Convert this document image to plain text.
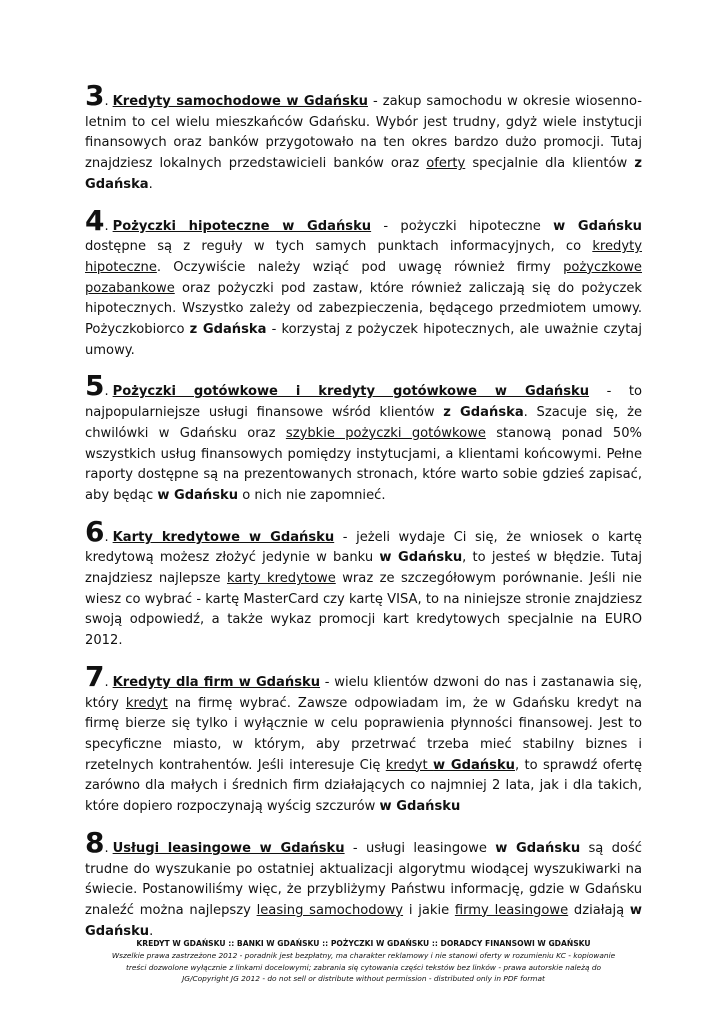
3. Kredyty samochodowe w Gdańsku - zakup samochodu w okresie wiosenno-letnim to cel wielu mieszkańców Gdańsku. Wybór jest trudny, gdyż wiele instytucji finansowych oraz banków przygotowało na ten okres bardzo dużo promocji. Tutaj znajdziesz lokalnych przedstawicieli banków oraz oferty specjalnie dla klientów z Gdańska.

4. Pożyczki hipoteczne w Gdańsku - pożyczki hipoteczne w Gdańsku dostępne są z reguły w tych samych punktach informacyjnych, co kredyty hipoteczne. Oczywiście należy wziąć pod uwagę również firmy pożyczkowe pozabankowe oraz pożyczki pod zastaw, które również zaliczają się do pożyczek hipotecznych. Wszystko zależy od zabezpieczenia, będącego przedmiotem umowy. Pożyczkobiorco z Gdańska - korzystaj z pożyczek hipotecznych, ale uważnie czytaj umowy.

5. Pożyczki gotówkowe i kredyty gotówkowe w Gdańsku - to najpopularniejsze usługi finansowe wśród klientów z Gdańska. Szacuje się, że chwilówki w Gdańsku oraz szybkie pożyczki gotówkowe stanową ponad 50% wszystkich usług finansowych pomiędzy instytucjami, a klientami końcowymi. Pełne raporty dostępne są na prezentowanych stronach, które warto sobie gdzieś zapisać, aby będąc w Gdańsku o nich nie zapomnieć.

6. Karty kredytowe w Gdańsku - jeżeli wydaje Ci się, że wniosek o kartę kredytową możesz złożyć jedynie w banku w Gdańsku, to jesteś w błędzie. Tutaj znajdziesz najlepsze karty kredytowe wraz ze szczegółowym porównanie. Jeśli nie wiesz co wybrać - kartę MasterCard czy kartę VISA, to na niniejsze stronie znajdziesz swoją odpowiedź, a także wykaz promocji kart kredytowych specjalnie na EURO 2012.

7. Kredyty dla firm w Gdańsku - wielu klientów dzwoni do nas i zastanawia się, który kredyt na firmę wybrać. Zawsze odpowiadam im, że w Gdańsku kredyt na firmę bierze się tylko i wyłącznie w celu poprawienia płynności finansowej. Jest to specyficzne miasto, w którym, aby przetrwać trzeba mieć stabilny biznes i rzetelnych kontrahentów. Jeśli interesuje Cię kredyt w Gdańsku, to sprawdź ofertę zarówno dla małych i średnich firm działających co najmniej 2 lata, jak i dla takich, które dopiero rozpoczynają wyścig szczurów w Gdańsku

8. Usługi leasingowe w Gdańsku - usługi leasingowe w Gdańsku są dość trudne do wyszukanie po ostatniej aktualizacji algorytmu wiodącej wyszukiwarki na świecie. Postanowiliśmy więc, że przybliżymy Państwu informację, gdzie w Gdańsku znaleźć można najlepszy leasing samochodowy i jakie firmy leasingowe działają w Gdańsku.

KREDYT W GDAŃSKU :: BANKI W GDAŃSKU :: POŻYCZKI W GDAŃSKU :: DORADCY FINANSOWI W GDAŃSKU
Wszelkie prawa zastrzeżone 2012 - poradnik jest bezpłatny, ma charakter reklamowy i nie stanowi oferty w rozumieniu KC - kopiowanie
treści dozwolone wyłącznie z linkami docelowymi; zabrania się cytowania części tekstów bez linków - prawa autorskie należą do
JG/Copyright JG 2012 - do not sell or distribute without permission - distributed only in PDF format
